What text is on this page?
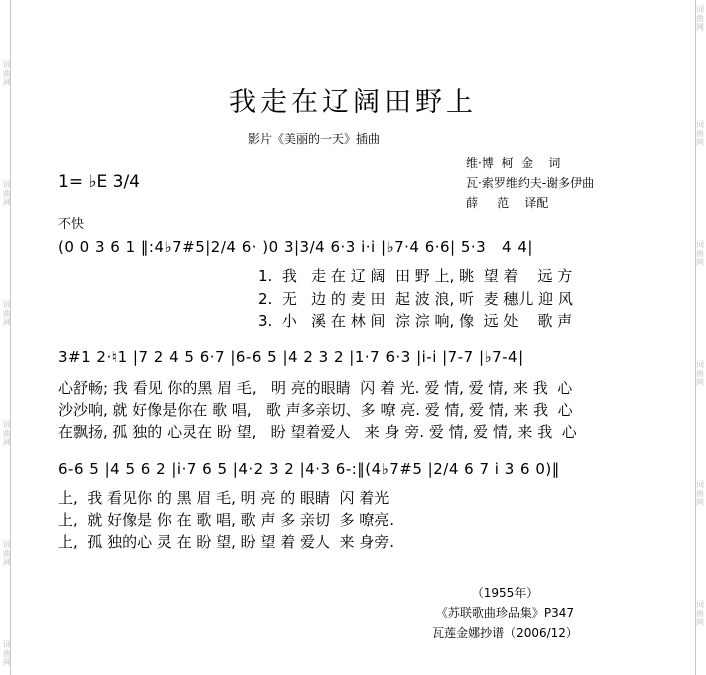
词曲网
词曲网
词曲网
词曲网
词曲网
词曲网
词曲网
词曲网
词曲网
词曲网
词曲网
词曲网
我走在辽阔田野上
影片《美丽的一天》插曲
1= ♭E 3/4
维·博  柯  金    词
瓦·索罗维约夫-谢多伊曲
薛     范    译配
不快
(0 0 3 6 1 ‖:4♭7#5|2/4 6· )0 3|3/4 6·3 i·i |♭7·4 6·6| 5·3   4 4|
1.  我   走 在 辽 阔  田 野 上, 眺  望 着    远 方
2.  无   边 的 麦 田  起 波 浪, 听  麦 穗儿 迎 风
3.  小   溪 在 林 间  淙 淙 响, 像  远 处    歌 声
3#1 2·♮1 |7 2 4 5 6·7 |6-6 5 |4 2 3 2 |1·7 6·3 |i-i |7-7 |♭7-4|
心舒畅; 我 看见 你的黑 眉 毛,   明 亮的眼睛  闪 着 光. 爱 情, 爱 情, 来 我  心
沙沙响, 就 好像是你在 歌 唱,   歌 声多亲切、多 嘹 亮. 爱 情, 爱 情, 来 我  心
在飘扬, 孤 独的 心灵在 盼 望,   盼 望着爱人   来 身 旁. 爱 情, 爱 情, 来 我  心
6-6 5 |4 5 6 2 |i·7 6 5 |4·2 3 2 |4·3 6-:‖(4♭7#5 |2/4 6 7 i 3 6 0)‖
上,  我 看见你 的 黑 眉 毛, 明 亮 的 眼睛  闪 着光
上,  就 好像是 你 在 歌 唱, 歌 声 多 亲切  多 嘹亮.
上,  孤 独的心 灵 在 盼 望, 盼 望 着 爱人  来 身旁.
（1955年）
《苏联歌曲珍品集》P347
瓦莲金娜抄谱（2006/12）
